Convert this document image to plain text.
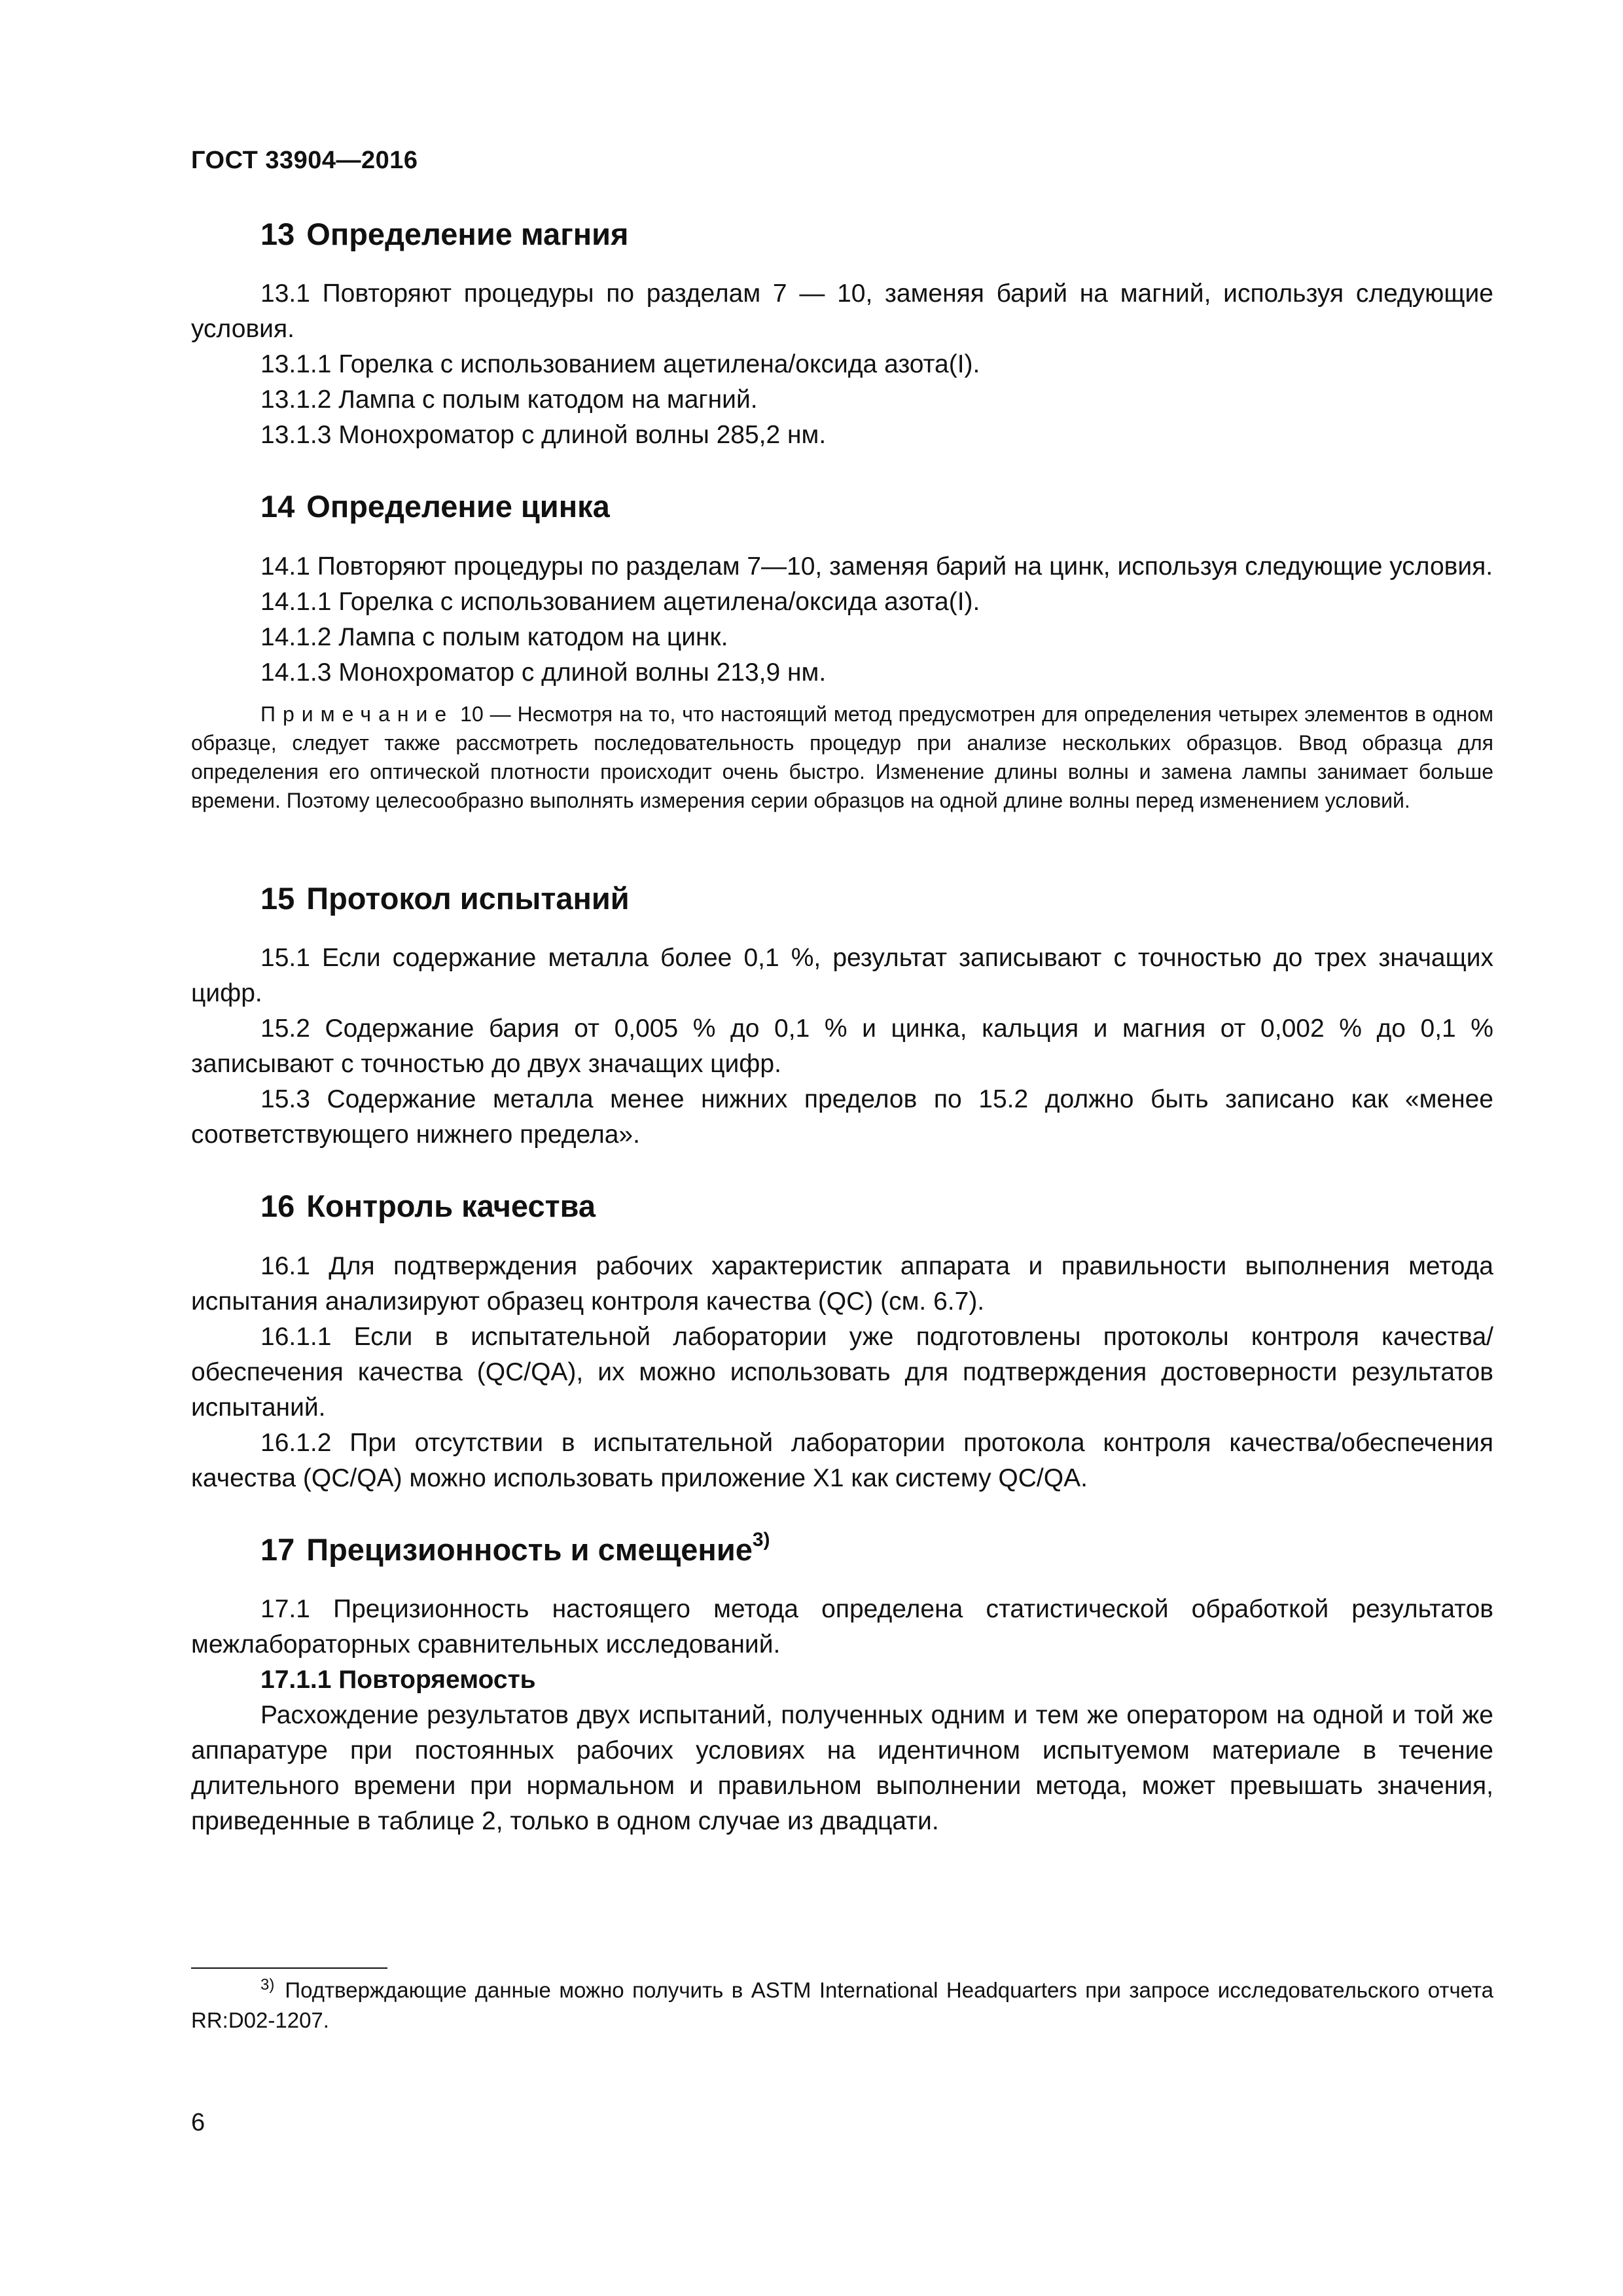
ГОСТ 33904—2016
13 Определение магния

13.1 Повторяют процедуры по разделам 7 — 10, заменяя барий на магний, используя следующие условия.

13.1.1 Горелка с использованием ацетилена/оксида азота(I).

13.1.2 Лампа с полым катодом на магний.

13.1.3 Монохроматор с длиной волны 285,2 нм.

14 Определение цинка

14.1 Повторяют процедуры по разделам 7—10, заменяя барий на цинк, используя следующие условия.

14.1.1 Горелка с использованием ацетилена/оксида азота(I).

14.1.2 Лампа с полым катодом на цинк.

14.1.3 Монохроматор с длиной волны 213,9 нм.

Примечание 10 — Несмотря на то, что настоящий метод предусмотрен для определения четырех элементов в одном образце, следует также рассмотреть последовательность процедур при анализе нескольких образцов. Ввод образца для определения его оптической плотности происходит очень быстро. Изменение длины волны и замена лампы занимает больше времени. Поэтому целесообразно выполнять измерения серии образцов на одной длине волны перед изменением условий.
15 Протокол испытаний

15.1 Если содержание металла более 0,1 %, результат записывают с точностью до трех значащих цифр.

15.2 Содержание бария от 0,005 % до 0,1 % и цинка, кальция и магния от 0,002 % до 0,1 % записывают с точностью до двух значащих цифр.

15.3 Содержание металла менее нижних пределов по 15.2 должно быть записано как «менее соответствующего нижнего предела».

16 Контроль качества

16.1 Для подтверждения рабочих характеристик аппарата и правильности выполнения метода испытания анализируют образец контроля качества (QC) (см. 6.7).

16.1.1 Если в испытательной лаборатории уже подготовлены протоколы контроля качества/обеспечения качества (QC/QA), их можно использовать для подтверждения достоверности результатов испытаний.

16.1.2 При отсутствии в испытательной лаборатории протокола контроля качества/обеспечения качества (QC/QA) можно использовать приложение X1 как систему QC/QA.

17 Прецизионность и смещение$^{3)}$

17.1 Прецизионность настоящего метода определена статистической обработкой результатов межлабораторных сравнительных исследований.

17.1.1 Повторяемость

Расхождение результатов двух испытаний, полученных одним и тем же оператором на одной и той же аппаратуре при постоянных рабочих условиях на идентичном испытуемом материале в течение длительного времени при нормальном и правильном выполнении метода, может превышать значения, приведенные в таблице 2, только в одном случае из двадцати.

$^{3)}$ Подтверждающие данные можно получить в ASTM International Headquarters при запросе исследовательского отчета RR:D02-1207.
6
